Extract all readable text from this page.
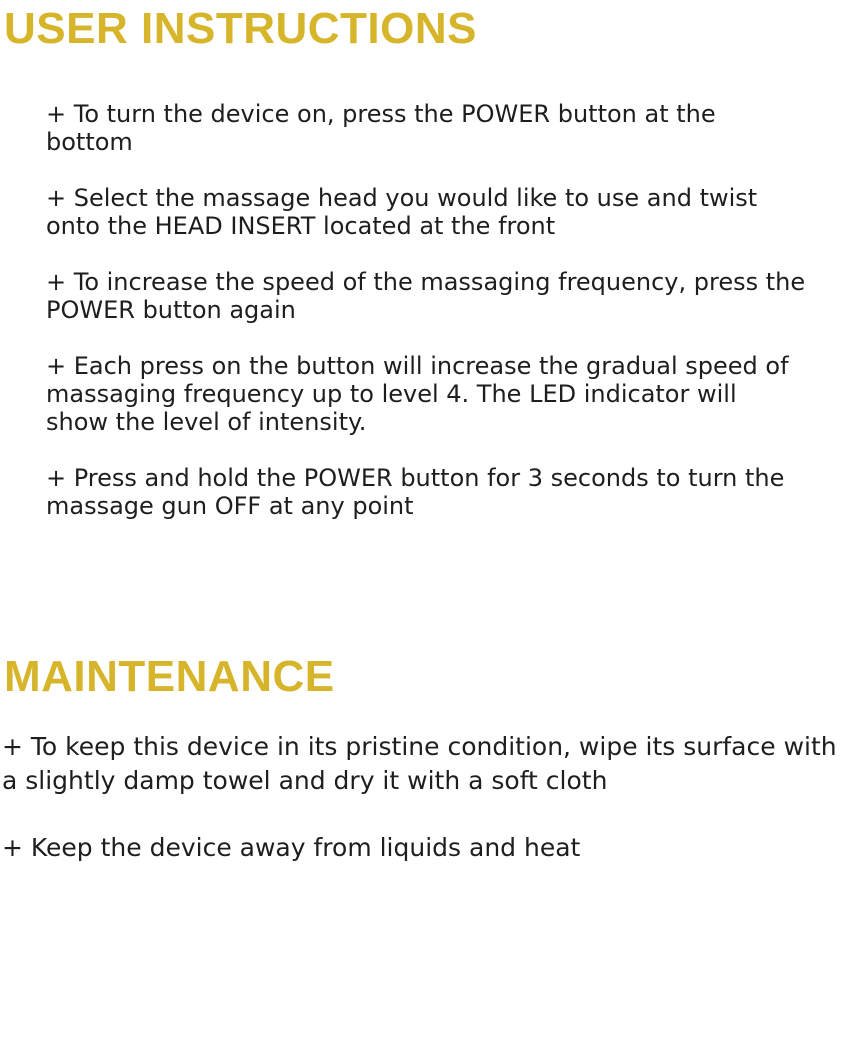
USER INSTRUCTIONS
+ To turn the device on, press the POWER button at the bottom
+ Select the massage head you would like to use and twist onto the HEAD INSERT located at the front
+ To increase the speed of the massaging frequency, press the POWER button again
+ Each press on the button will increase the gradual speed of massaging frequency up to level 4. The LED indicator will show the level of intensity.
+ Press and hold the POWER button for 3 seconds to turn the massage gun OFF at any point
MAINTENANCE
+ To keep this device in its pristine condition, wipe its surface with a slightly damp towel and dry it with a soft cloth
+ Keep the device away from liquids and heat
